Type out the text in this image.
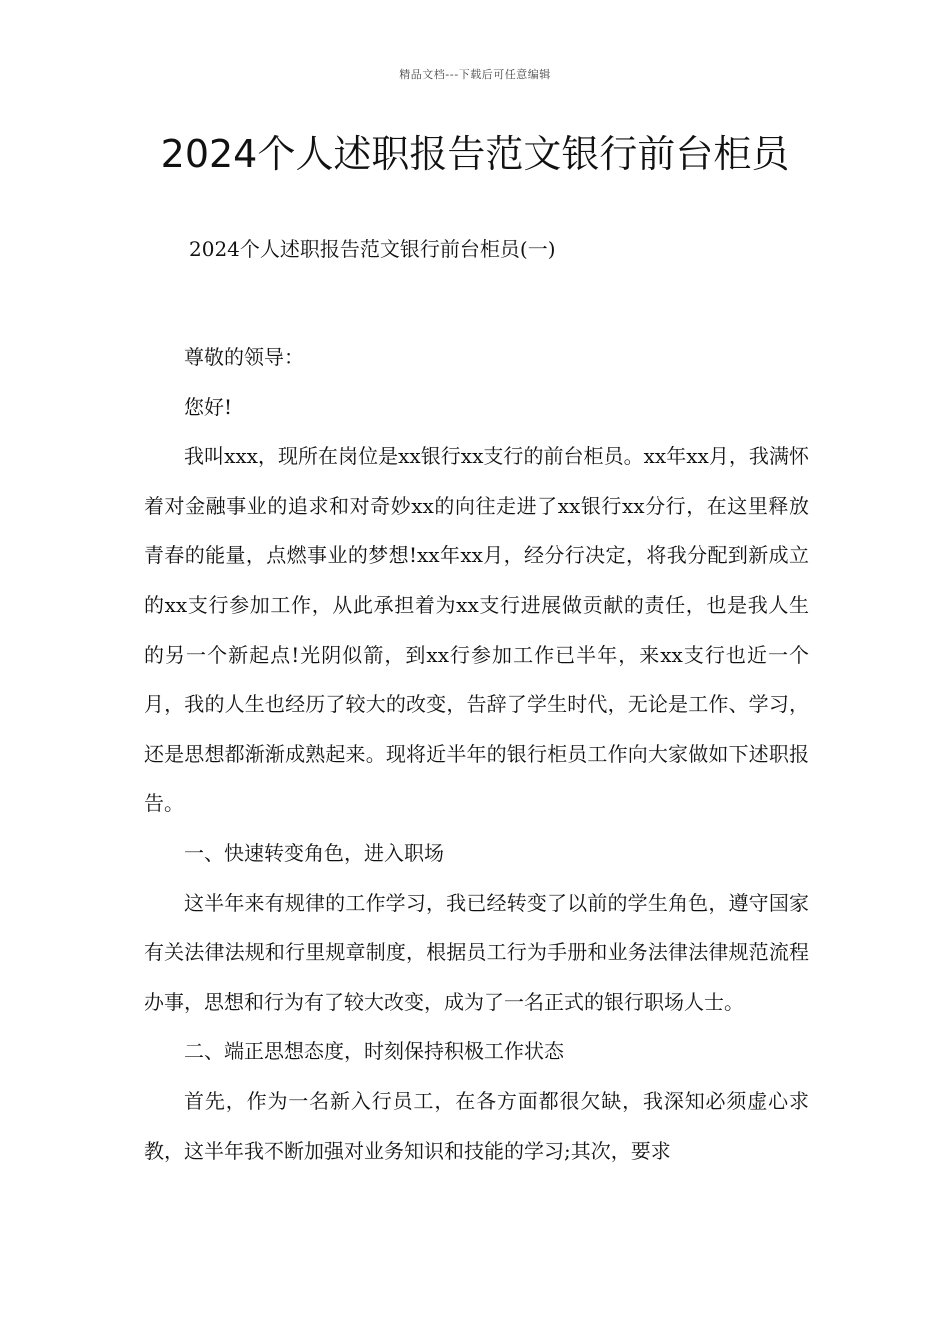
精品文档---下载后可任意编辑
2024个人述职报告范文银行前台柜员
2024个人述职报告范文银行前台柜员(一)

尊敬的领导：

您好!

我叫xxx，现所在岗位是xx银行xx支行的前台柜员。xx年xx月，我满怀着对金融事业的追求和对奇妙xx的向往走进了xx银行xx分行，在这里释放青春的能量，点燃事业的梦想!xx年xx月，经分行决定，将我分配到新成立的xx支行参加工作，从此承担着为xx支行进展做贡献的责任，也是我人生的另一个新起点!光阴似箭，到xx行参加工作已半年，来xx支行也近一个月，我的人生也经历了较大的改变，告辞了学生时代，无论是工作、学习，还是思想都渐渐成熟起来。现将近半年的银行柜员工作向大家做如下述职报告。

一、快速转变角色，进入职场

这半年来有规律的工作学习，我已经转变了以前的学生角色，遵守国家有关法律法规和行里规章制度，根据员工行为手册和业务法律法律规范流程办事，思想和行为有了较大改变，成为了一名正式的银行职场人士。

二、端正思想态度，时刻保持积极工作状态

首先，作为一名新入行员工，在各方面都很欠缺，我深知必须虚心求教，这半年我不断加强对业务知识和技能的学习;其次，要求
